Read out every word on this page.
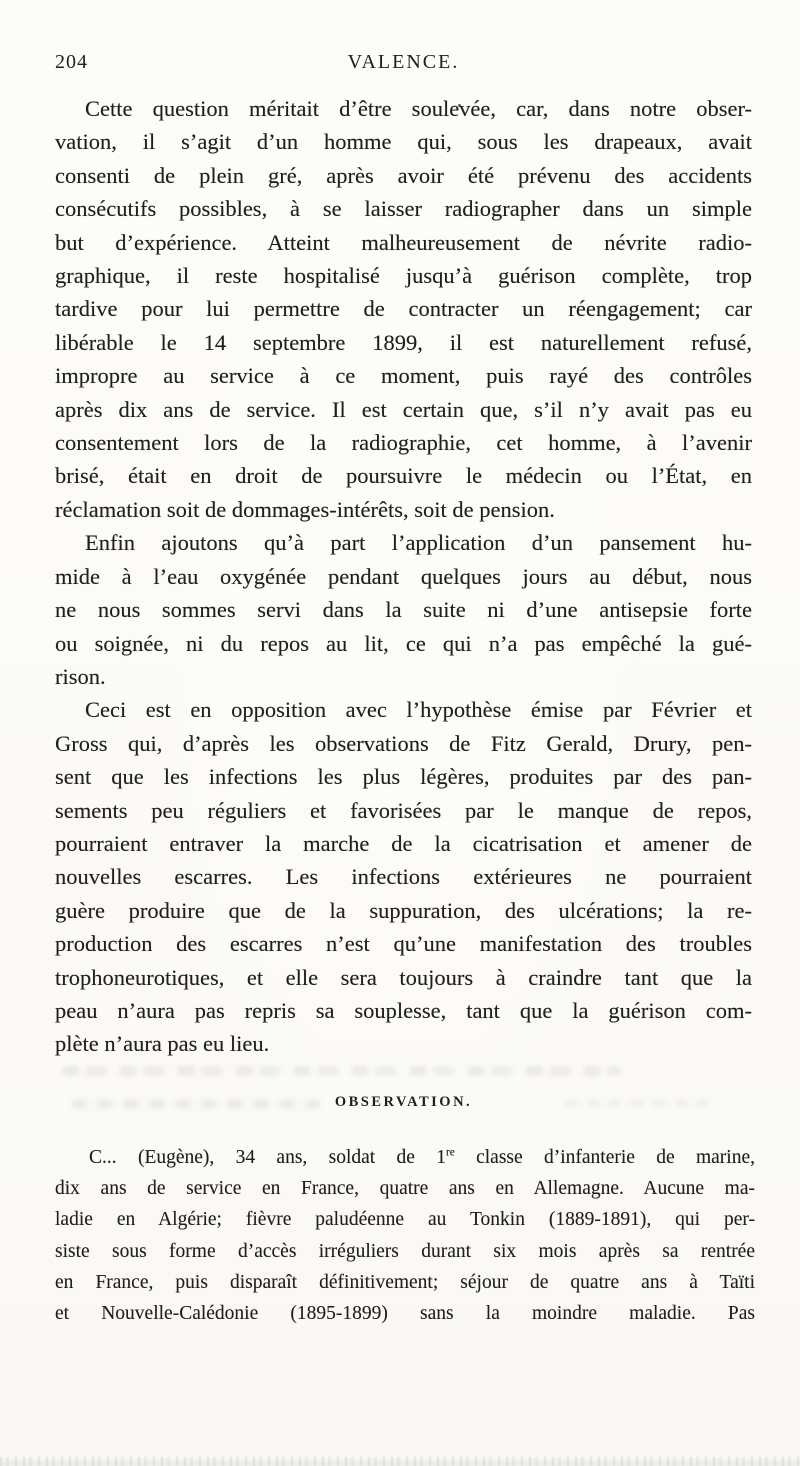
204	VALENCE.
Cette question méritait d’être soulevée, car, dans notre obser-
vation, il s’agit d’un homme qui, sous les drapeaux, avait
consenti de plein gré, après avoir été prévenu des accidents
consécutifs possibles, à se laisser radiographer dans un simple
but d’expérience. Atteint malheureusement de névrite radio-
graphique, il reste hospitalisé jusqu’à guérison complète, trop
tardive pour lui permettre de contracter un réengagement; car
libérable le 14 septembre 1899, il est naturellement refusé,
impropre au service à ce moment, puis rayé des contrôles
après dix ans de service. Il est certain que, s’il n’y avait pas eu
consentement lors de la radiographie, cet homme, à l’avenir
brisé, était en droit de poursuivre le médecin ou l’État, en
réclamation soit de dommages-intérêts, soit de pension.
Enfin ajoutons qu’à part l’application d’un pansement hu-
mide à l’eau oxygénée pendant quelques jours au début, nous
ne nous sommes servi dans la suite ni d’une antisepsie forte
ou soignée, ni du repos au lit, ce qui n’a pas empêché la gué-
rison.
Ceci est en opposition avec l’hypothèse émise par Février et
Gross qui, d’après les observations de Fitz Gerald, Drury, pen-
sent que les infections les plus légères, produites par des pan-
sements peu réguliers et favorisées par le manque de repos,
pourraient entraver la marche de la cicatrisation et amener de
nouvelles escarres. Les infections extérieures ne pourraient
guère produire que de la suppuration, des ulcérations; la re-
production des escarres n’est qu’une manifestation des troubles
trophoneurotiques, et elle sera toujours à craindre tant que la
peau n’aura pas repris sa souplesse, tant que la guérison com-
plète n’aura pas eu lieu.
OBSERVATION.
C... (Eugène), 34 ans, soldat de 1re classe d’infanterie de marine,
dix ans de service en France, quatre ans en Allemagne. Aucune ma-
ladie en Algérie; fièvre paludéenne au Tonkin (1889-1891), qui per-
siste sous forme d’accès irréguliers durant six mois après sa rentrée
en France, puis disparaît définitivement; séjour de quatre ans à Taïti
et Nouvelle-Calédonie (1895-1899) sans la moindre maladie. Pas
